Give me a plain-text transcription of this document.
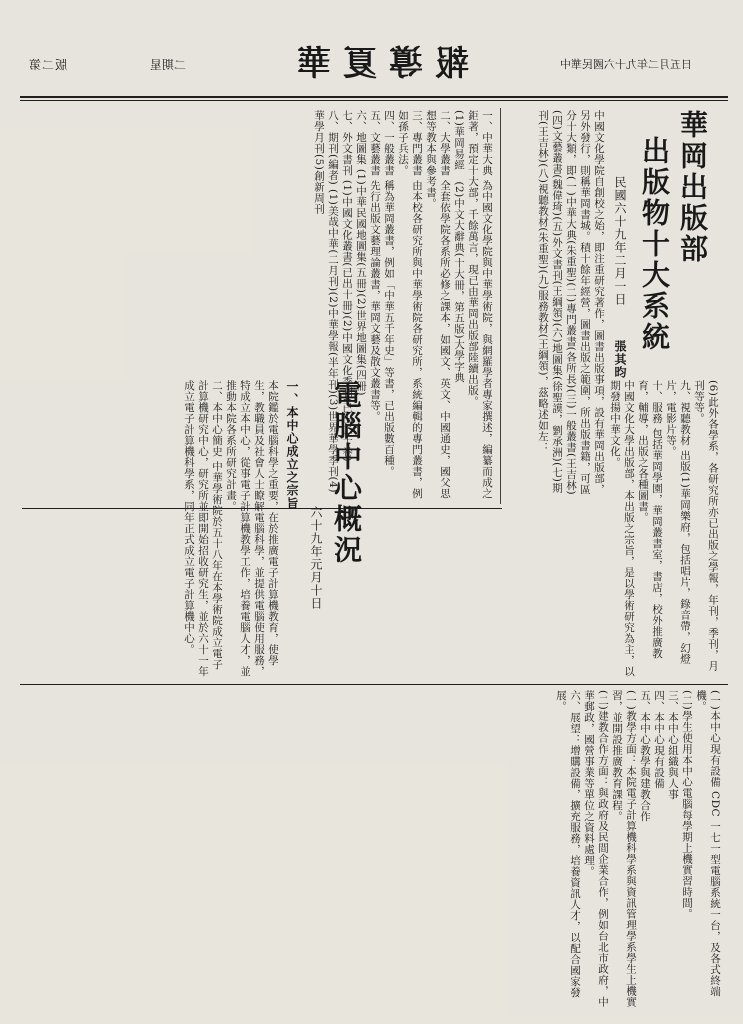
版二第	二期星	報導夏華	日五月二年九十六國民華中
華岡出版部
出版物十大系統
民國六十九年二月一日
張其昀
中國文化學院自創校之始，即注重研究著作，圖書出版事項，設有華岡出版部，另外發行，則稱華岡書城。積十餘年經營，圖書出版之範圍，所出版書籍，可區分十大類，即(一)中華大典(朱重聖)(二)專門叢書(各所長)(三)一般叢書(王吉林)(四)文藝叢書(魏偉琦)(五)外文書刊(王綱領)(六)地圖集(徐聖謨，劉承洲)(七)期刊(王吉林)(八)視聽教材(朱重聖)(九)服務教材(王綱領)，茲略述如左：
一、中華大典 為中國文化學院與中華學術院，與網羅學者專家撰述，編纂而成之鉅著，預定十大部，千餘萬言，現已由華岡出版部陸續出版。
(1)華岡易經　(2)中文大辭典(十大冊，第五版)大學字典
二、大學叢書 全套依學院各系所必修之課本，如國文、英文、中國通史，國父思想等教本與參考書。
三、專門叢書 由本校各研究所與中華學術院各研究所，系統編輯的專門叢書，例如孫子兵法。
四、一般叢書 稱為華岡叢書，例如「中華五千年史」等書，已出版數百種。
五、文藝叢書 先行出版文藝理論叢書，華岡文藝及散文叢書等。
六、地圖集 (1)中華民國地圖集(五冊)(2)世界地圖集(四冊)
七、外文書刊 (1)中國文化叢書(已出十冊)(2)中國文化季刊(已出二十卷)
八、期刊(編者) (1)美哉中華(二月刊)(2)中華學報(半年刊)(3)世界華學季刊(4)華學月刊(5)創新周刊
電腦中心概況
六十九年元月十日
一、本中心成立之宗旨
本院鑑於電腦科學之重要，在於推廣電子計算機教育，使學生，教職員及社會人士瞭解電腦科學，並提供電腦使用服務，特成立本中心，從事電子計算機教學工作，培養電腦人才，並推動本院各系所研究計畫。
二、本中心簡史 中華學術院於五十八年在本學術院成立電子計算機研究中心，研究所並即開始招收研究生，並於六十一年成立電子計算機科學系，同年正式成立電子計算機中心。
(一)本中心現有設備 CDC 一七一型電腦系統一台，及各式終端機。
(二)學生使用本中心電腦每學期上機實習時間。
三、本中心組織與人事
四、本中心現有設備
五、本中心教學與建教合作
(一)教學方面：本院電子計算機科學系與資訊管理學系學生上機實習，並開設推廣教育課程。
(二)建教合作方面：與政府及民間企業合作，例如台北市政府，中華郵政，國營事業等單位之資料處理。
六、展望：增購設備，擴充服務，培養資訊人才，以配合國家發展。
(6)此外各學系，各研究所亦已出版之學報，年刊，季刊，月刊等等。
九、視聽教材 出版(1)華岡樂府，包括唱片，錄音帶，幻燈片，電影片等。
十、服務 包括華岡學園，華岡叢書室，書店，校外推廣教育，輔導，出版之各種圖書。
中國文化大學出版部，本出版之宗旨，是以學術研究為主，以期發揚中華文化。
